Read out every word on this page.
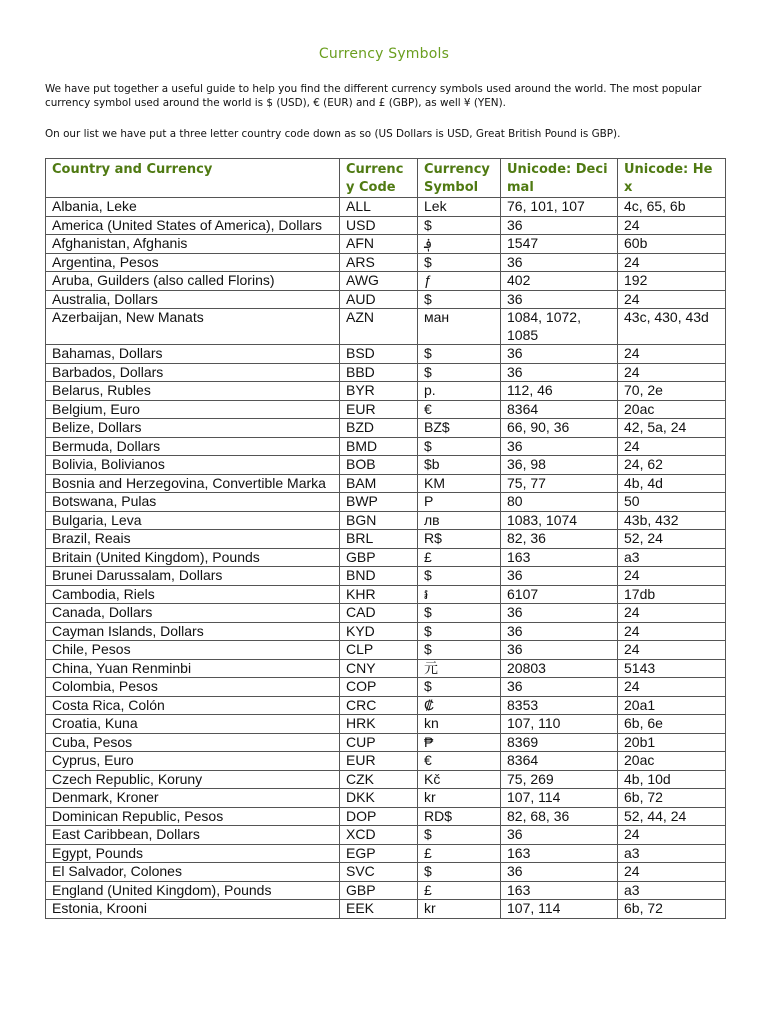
Currency Symbols

We have put together a useful guide to help you find the different currency symbols used around the world. The most popular currency symbol used around the world is $ (USD), € (EUR) and £ (GBP), as well ¥ (YEN).

On our list we have put a three letter country code down as so (US Dollars is USD, Great British Pound is GBP).

Country and Currency	Currency Code	Currency Symbol	Unicode: Decimal	Unicode: Hex
Albania, Leke	ALL	Lek	76, 101, 107	4c, 65, 6b
America (United States of America), Dollars	USD	$	36	24
Afghanistan, Afghanis	AFN	؋	1547	60b
Argentina, Pesos	ARS	$	36	24
Aruba, Guilders (also called Florins)	AWG	ƒ	402	192
Australia, Dollars	AUD	$	36	24
Azerbaijan, New Manats	AZN	ман	1084, 1072, 1085	43c, 430, 43d
Bahamas, Dollars	BSD	$	36	24
Barbados, Dollars	BBD	$	36	24
Belarus, Rubles	BYR	p.	112, 46	70, 2e
Belgium, Euro	EUR	€	8364	20ac
Belize, Dollars	BZD	BZ$	66, 90, 36	42, 5a, 24
Bermuda, Dollars	BMD	$	36	24
Bolivia, Bolivianos	BOB	$b	36, 98	24, 62
Bosnia and Herzegovina, Convertible Marka	BAM	KM	75, 77	4b, 4d
Botswana, Pulas	BWP	P	80	50
Bulgaria, Leva	BGN	лв	1083, 1074	43b, 432
Brazil, Reais	BRL	R$	82, 36	52, 24
Britain (United Kingdom), Pounds	GBP	£	163	a3
Brunei Darussalam, Dollars	BND	$	36	24
Cambodia, Riels	KHR	៛	6107	17db
Canada, Dollars	CAD	$	36	24
Cayman Islands, Dollars	KYD	$	36	24
Chile, Pesos	CLP	$	36	24
China, Yuan Renminbi	CNY	元	20803	5143
Colombia, Pesos	COP	$	36	24
Costa Rica, Colón	CRC	₡	8353	20a1
Croatia, Kuna	HRK	kn	107, 110	6b, 6e
Cuba, Pesos	CUP	₱	8369	20b1
Cyprus, Euro	EUR	€	8364	20ac
Czech Republic, Koruny	CZK	Kč	75, 269	4b, 10d
Denmark, Kroner	DKK	kr	107, 114	6b, 72
Dominican Republic, Pesos	DOP	RD$	82, 68, 36	52, 44, 24
East Caribbean, Dollars	XCD	$	36	24
Egypt, Pounds	EGP	£	163	a3
El Salvador, Colones	SVC	$	36	24
England (United Kingdom), Pounds	GBP	£	163	a3
Estonia, Krooni	EEK	kr	107, 114	6b, 72
